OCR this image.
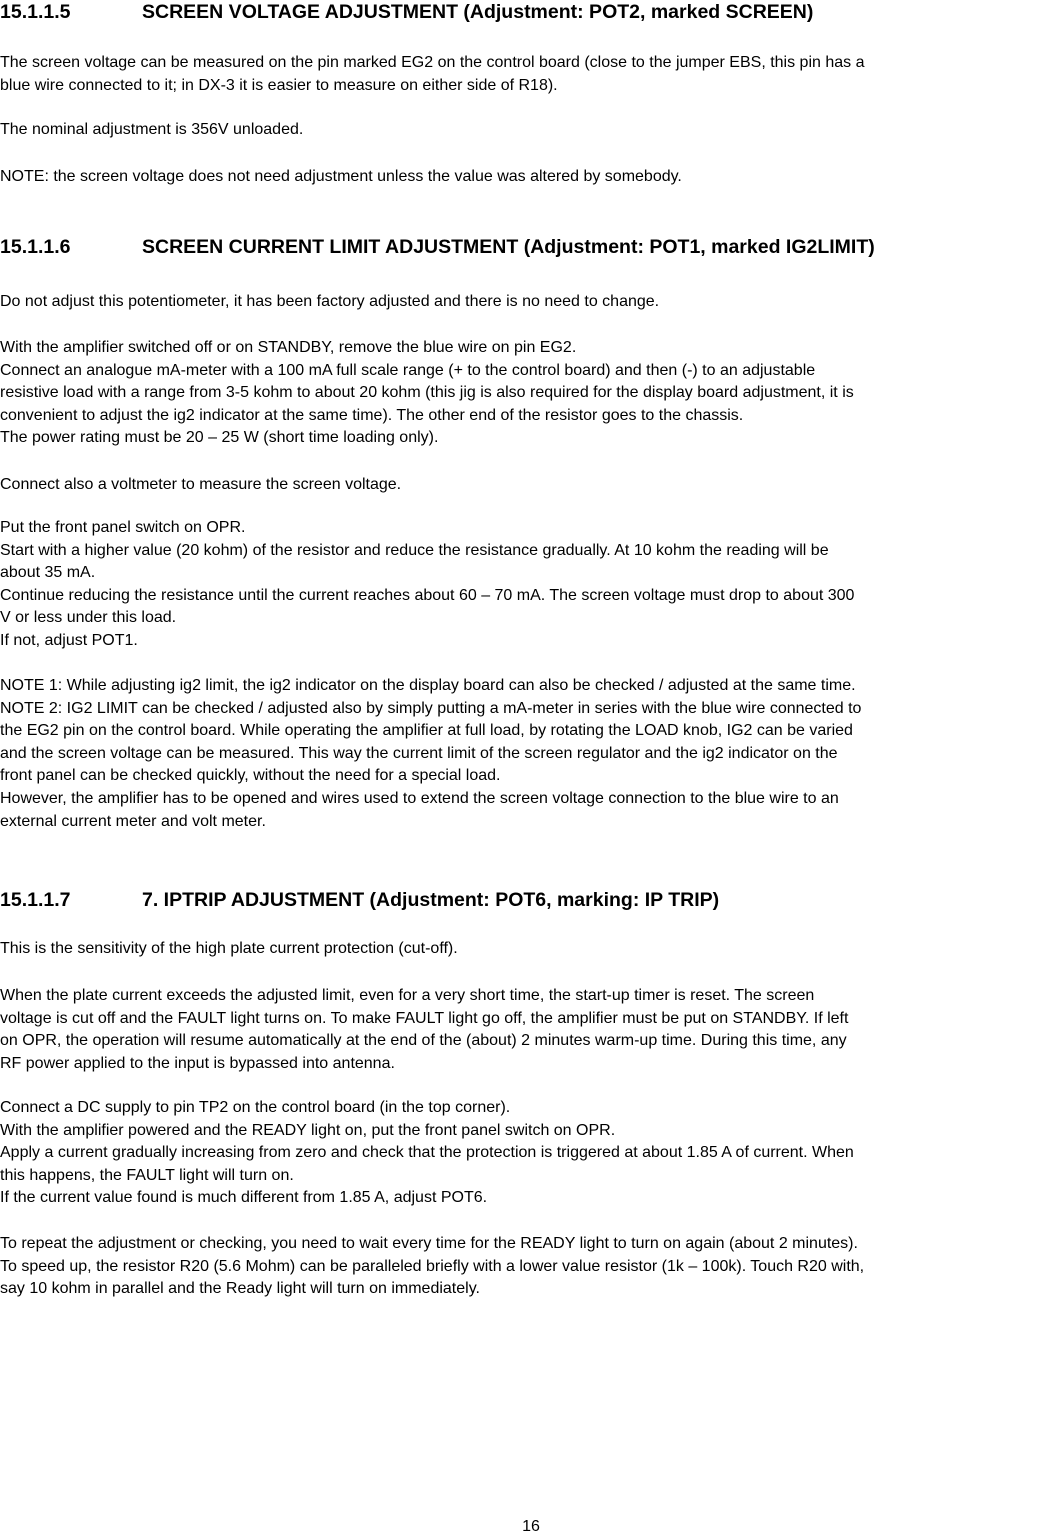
15.1.1.5	SCREEN VOLTAGE ADJUSTMENT (Adjustment: POT2, marked SCREEN)

The screen voltage can be measured on the pin marked EG2 on the control board (close to the jumper EBS, this pin has a
blue wire connected to it; in DX-3 it is easier to measure on either side of R18).

The nominal adjustment is 356V unloaded.

NOTE: the screen voltage does not need adjustment unless the value was altered by somebody.

15.1.1.6	SCREEN CURRENT LIMIT ADJUSTMENT (Adjustment: POT1, marked IG2LIMIT)

Do not adjust this potentiometer, it has been factory adjusted and there is no need to change.

With the amplifier switched off or on STANDBY, remove the blue wire on pin EG2.
Connect an analogue mA-meter with a 100 mA full scale range (+ to the control board) and then (-) to an adjustable
resistive load with a range from 3-5 kohm to about 20 kohm (this jig is also required for the display board adjustment, it is
convenient to adjust the ig2 indicator at the same time). The other end of the resistor goes to the chassis.
The power rating must be 20 – 25 W (short time loading only).

Connect also a voltmeter to measure the screen voltage.

Put the front panel switch on OPR.
Start with a higher value (20 kohm) of the resistor and reduce the resistance gradually. At 10 kohm the reading will be
about 35 mA.
Continue reducing the resistance until the current reaches about 60 – 70 mA. The screen voltage must drop to about 300
V or less under this load.
If not, adjust POT1.

NOTE 1: While adjusting ig2 limit, the ig2 indicator on the display board can also be checked / adjusted at the same time.
NOTE 2: IG2 LIMIT can be checked / adjusted also by simply putting a mA-meter in series with the blue wire connected to
the EG2 pin on the control board. While operating the amplifier at full load, by rotating the LOAD knob, IG2 can be varied
and the screen voltage can be measured. This way the current limit of the screen regulator and the ig2 indicator on the
front panel can be checked quickly, without the need for a special load.
However, the amplifier has to be opened and wires used to extend the screen voltage connection to the blue wire to an
external current meter and volt meter.

15.1.1.7	7. IPTRIP ADJUSTMENT (Adjustment: POT6, marking: IP TRIP)

This is the sensitivity of the high plate current protection (cut-off).

When the plate current exceeds the adjusted limit, even for a very short time, the start-up timer is reset. The screen
voltage is cut off and the FAULT light turns on. To make FAULT light go off, the amplifier must be put on STANDBY. If left
on OPR, the operation will resume automatically at the end of the (about) 2 minutes warm-up time. During this time, any
RF power applied to the input is bypassed into antenna.

Connect a DC supply to pin TP2 on the control board (in the top corner).
With the amplifier powered and the READY light on, put the front panel switch on OPR.
Apply a current gradually increasing from zero and check that the protection is triggered at about 1.85 A of current. When
this happens, the FAULT light will turn on.
If the current value found is much different from 1.85 A, adjust POT6.

To repeat the adjustment or checking, you need to wait every time for the READY light to turn on again (about 2 minutes).
To speed up, the resistor R20 (5.6 Mohm) can be paralleled briefly with a lower value resistor (1k – 100k). Touch R20 with,
say 10 kohm in parallel and the Ready light will turn on immediately.

16
